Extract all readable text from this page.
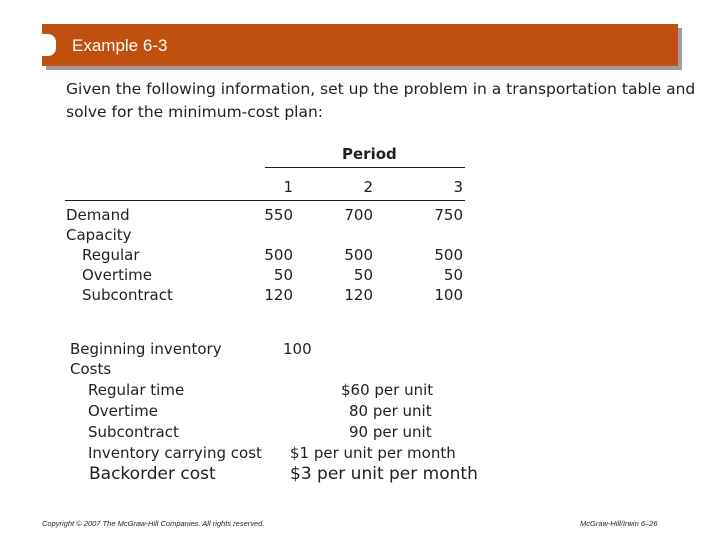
Example 6-3
Given the following information, set up the problem in a transportation table and
solve for the minimum-cost plan:
Period
1	2	3
Demand	550	700	750
Capacity
Regular	500	500	500
Overtime	50	50	50
Subcontract	120	120	100
Beginning inventory	100
Costs
Regular time	$60 per unit
Overtime	80 per unit
Subcontract	90 per unit
Inventory carrying cost $1 per unit per month
Backorder cost	$3 per unit per month
Copyright © 2007 The McGraw-Hill Companies. All rights reserved.	McGraw-Hill/Irwin 6–26
